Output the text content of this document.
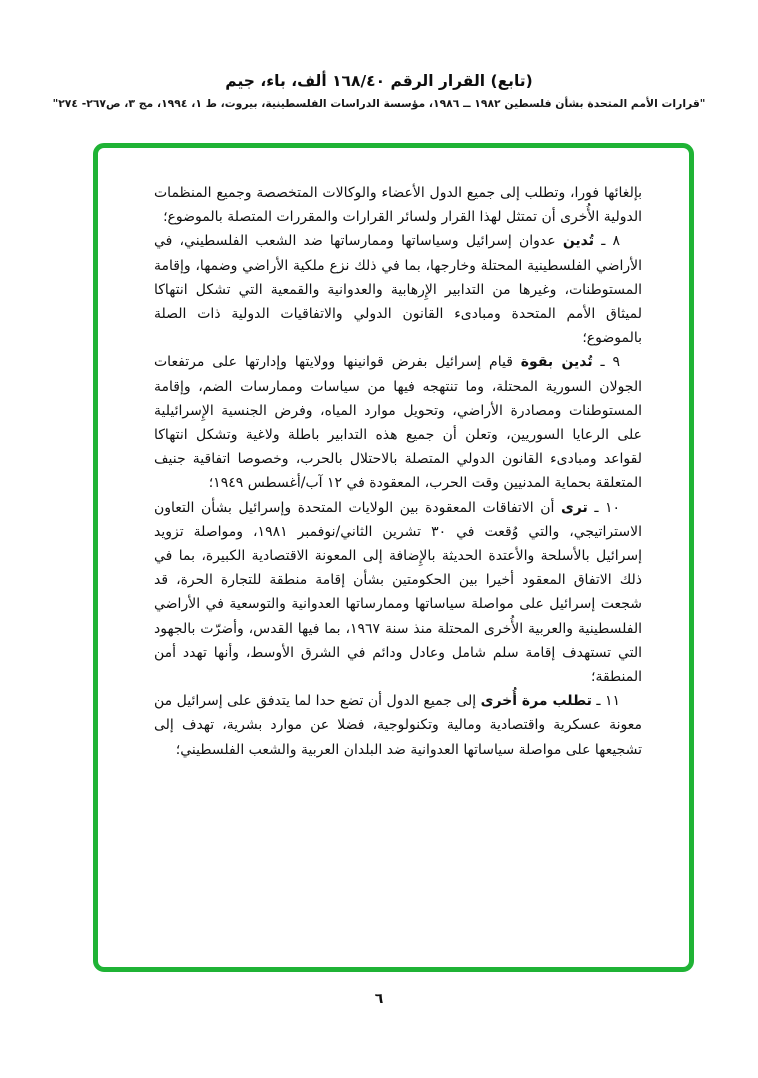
(تابع) القرار الرقم ١٦٨/٤٠ ألف، باء، جيم
"قرارات الأمم المتحدة بشأن فلسطين ١٩٨٢ ــ ١٩٨٦، مؤسسة الدراسات الفلسطينية، بيروت، ط ١، ١٩٩٤، مج ٣، ص٢٦٧- ٢٧٤"

بإلغائها فورا، وتطلب إلى جميع الدول الأعضاء والوكالات المتخصصة وجميع المنظمات الدولية الأُخرى أن تمتثل لهذا القرار ولسائر القرارات والمقررات المتصلة بالموضوع؛

٨ ـ تُدين عدوان إسرائيل وسياساتها وممارساتها ضد الشعب الفلسطيني، في الأراضي الفلسطينية المحتلة وخارجها، بما في ذلك نزع ملكية الأراضي وضمها، وإقامة المستوطنات، وغيرها من التدابير الإِرهابية والعدوانية والقمعية التي تشكل انتهاكا لميثاق الأمم المتحدة ومبادىء القانون الدولي والاتفاقيات الدولية ذات الصلة بالموضوع؛

٩ ـ تُدين بقوة قيام إسرائيل بفرض قوانينها وولايتها وإدارتها على مرتفعات الجولان السورية المحتلة، وما تنتهجه فيها من سياسات وممارسات الضم، وإقامة المستوطنات ومصادرة الأراضي، وتحويل موارد المياه، وفرض الجنسية الإِسرائيلية على الرعايا السوريين، وتعلن أن جميع هذه التدابير باطلة ولاغية وتشكل انتهاكا لقواعد ومبادىء القانون الدولي المتصلة بالاحتلال بالحرب، وخصوصا اتفاقية جنيف المتعلقة بحماية المدنيين وقت الحرب، المعقودة في ١٢ آب/أغسطس ١٩٤٩؛

١٠ ـ ترى أن الاتفاقات المعقودة بين الولايات المتحدة وإسرائيل بشأن التعاون الاستراتيجي، والتي وُقعت في ٣٠ تشرين الثاني/نوفمبر ١٩٨١، ومواصلة تزويد إسرائيل بالأسلحة والأعتدة الحديثة بالإِضافة إلى المعونة الاقتصادية الكبيرة، بما في ذلك الاتفاق المعقود أخيرا بين الحكومتين بشأن إقامة منطقة للتجارة الحرة، قد شجعت إسرائيل على مواصلة سياساتها وممارساتها العدوانية والتوسعية في الأراضي الفلسطينية والعربية الأُخرى المحتلة منذ سنة ١٩٦٧، بما فيها القدس، وأضرّت بالجهود التي تستهدف إقامة سلم شامل وعادل ودائم في الشرق الأوسط، وأنها تهدد أمن المنطقة؛

١١ ـ تطلب مرة أُخرى إلى جميع الدول أن تضع حدا لما يتدفق على إسرائيل من معونة عسكرية واقتصادية ومالية وتكنولوجية، فضلا عن موارد بشرية، تهدف إلى تشجيعها على مواصلة سياساتها العدوانية ضد البلدان العربية والشعب الفلسطيني؛

٦
